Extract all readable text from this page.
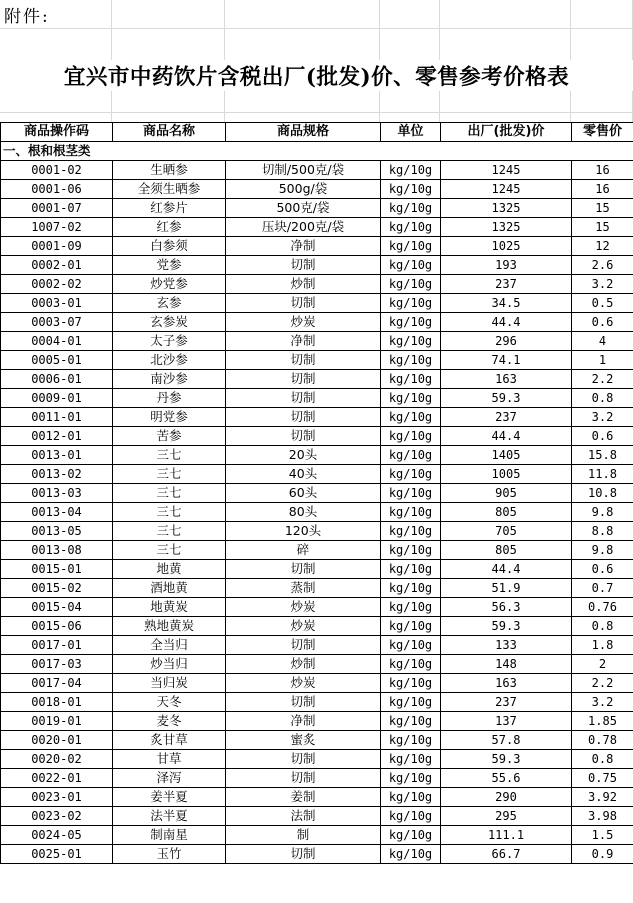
附件:
宜兴市中药饮片含税出厂(批发)价、零售参考价格表
商品操作码	商品名称	商品规格	单位	出厂(批发)价	零售价
一、根和根茎类					
0001-02	生晒参	切制/500克/袋	kg/10g	1245	16
0001-06	全须生晒参	500g/袋	kg/10g	1245	16
0001-07	红参片	500克/袋	kg/10g	1325	15
1007-02	红参	压块/200克/袋	kg/10g	1325	15
0001-09	白参须	净制	kg/10g	1025	12
0002-01	党参	切制	kg/10g	193	2.6
0002-02	炒党参	炒制	kg/10g	237	3.2
0003-01	玄参	切制	kg/10g	34.5	0.5
0003-07	玄参炭	炒炭	kg/10g	44.4	0.6
0004-01	太子参	净制	kg/10g	296	4
0005-01	北沙参	切制	kg/10g	74.1	1
0006-01	南沙参	切制	kg/10g	163	2.2
0009-01	丹参	切制	kg/10g	59.3	0.8
0011-01	明党参	切制	kg/10g	237	3.2
0012-01	苦参	切制	kg/10g	44.4	0.6
0013-01	三七	20头	kg/10g	1405	15.8
0013-02	三七	40头	kg/10g	1005	11.8
0013-03	三七	60头	kg/10g	905	10.8
0013-04	三七	80头	kg/10g	805	9.8
0013-05	三七	120头	kg/10g	705	8.8
0013-08	三七	碎	kg/10g	805	9.8
0015-01	地黄	切制	kg/10g	44.4	0.6
0015-02	酒地黄	蒸制	kg/10g	51.9	0.7
0015-04	地黄炭	炒炭	kg/10g	56.3	0.76
0015-06	熟地黄炭	炒炭	kg/10g	59.3	0.8
0017-01	全当归	切制	kg/10g	133	1.8
0017-03	炒当归	炒制	kg/10g	148	2
0017-04	当归炭	炒炭	kg/10g	163	2.2
0018-01	天冬	切制	kg/10g	237	3.2
0019-01	麦冬	净制	kg/10g	137	1.85
0020-01	炙甘草	蜜炙	kg/10g	57.8	0.78
0020-02	甘草	切制	kg/10g	59.3	0.8
0022-01	泽泻	切制	kg/10g	55.6	0.75
0023-01	姜半夏	姜制	kg/10g	290	3.92
0023-02	法半夏	法制	kg/10g	295	3.98
0024-05	制南星	制	kg/10g	111.1	1.5
0025-01	玉竹	切制	kg/10g	66.7	0.9
